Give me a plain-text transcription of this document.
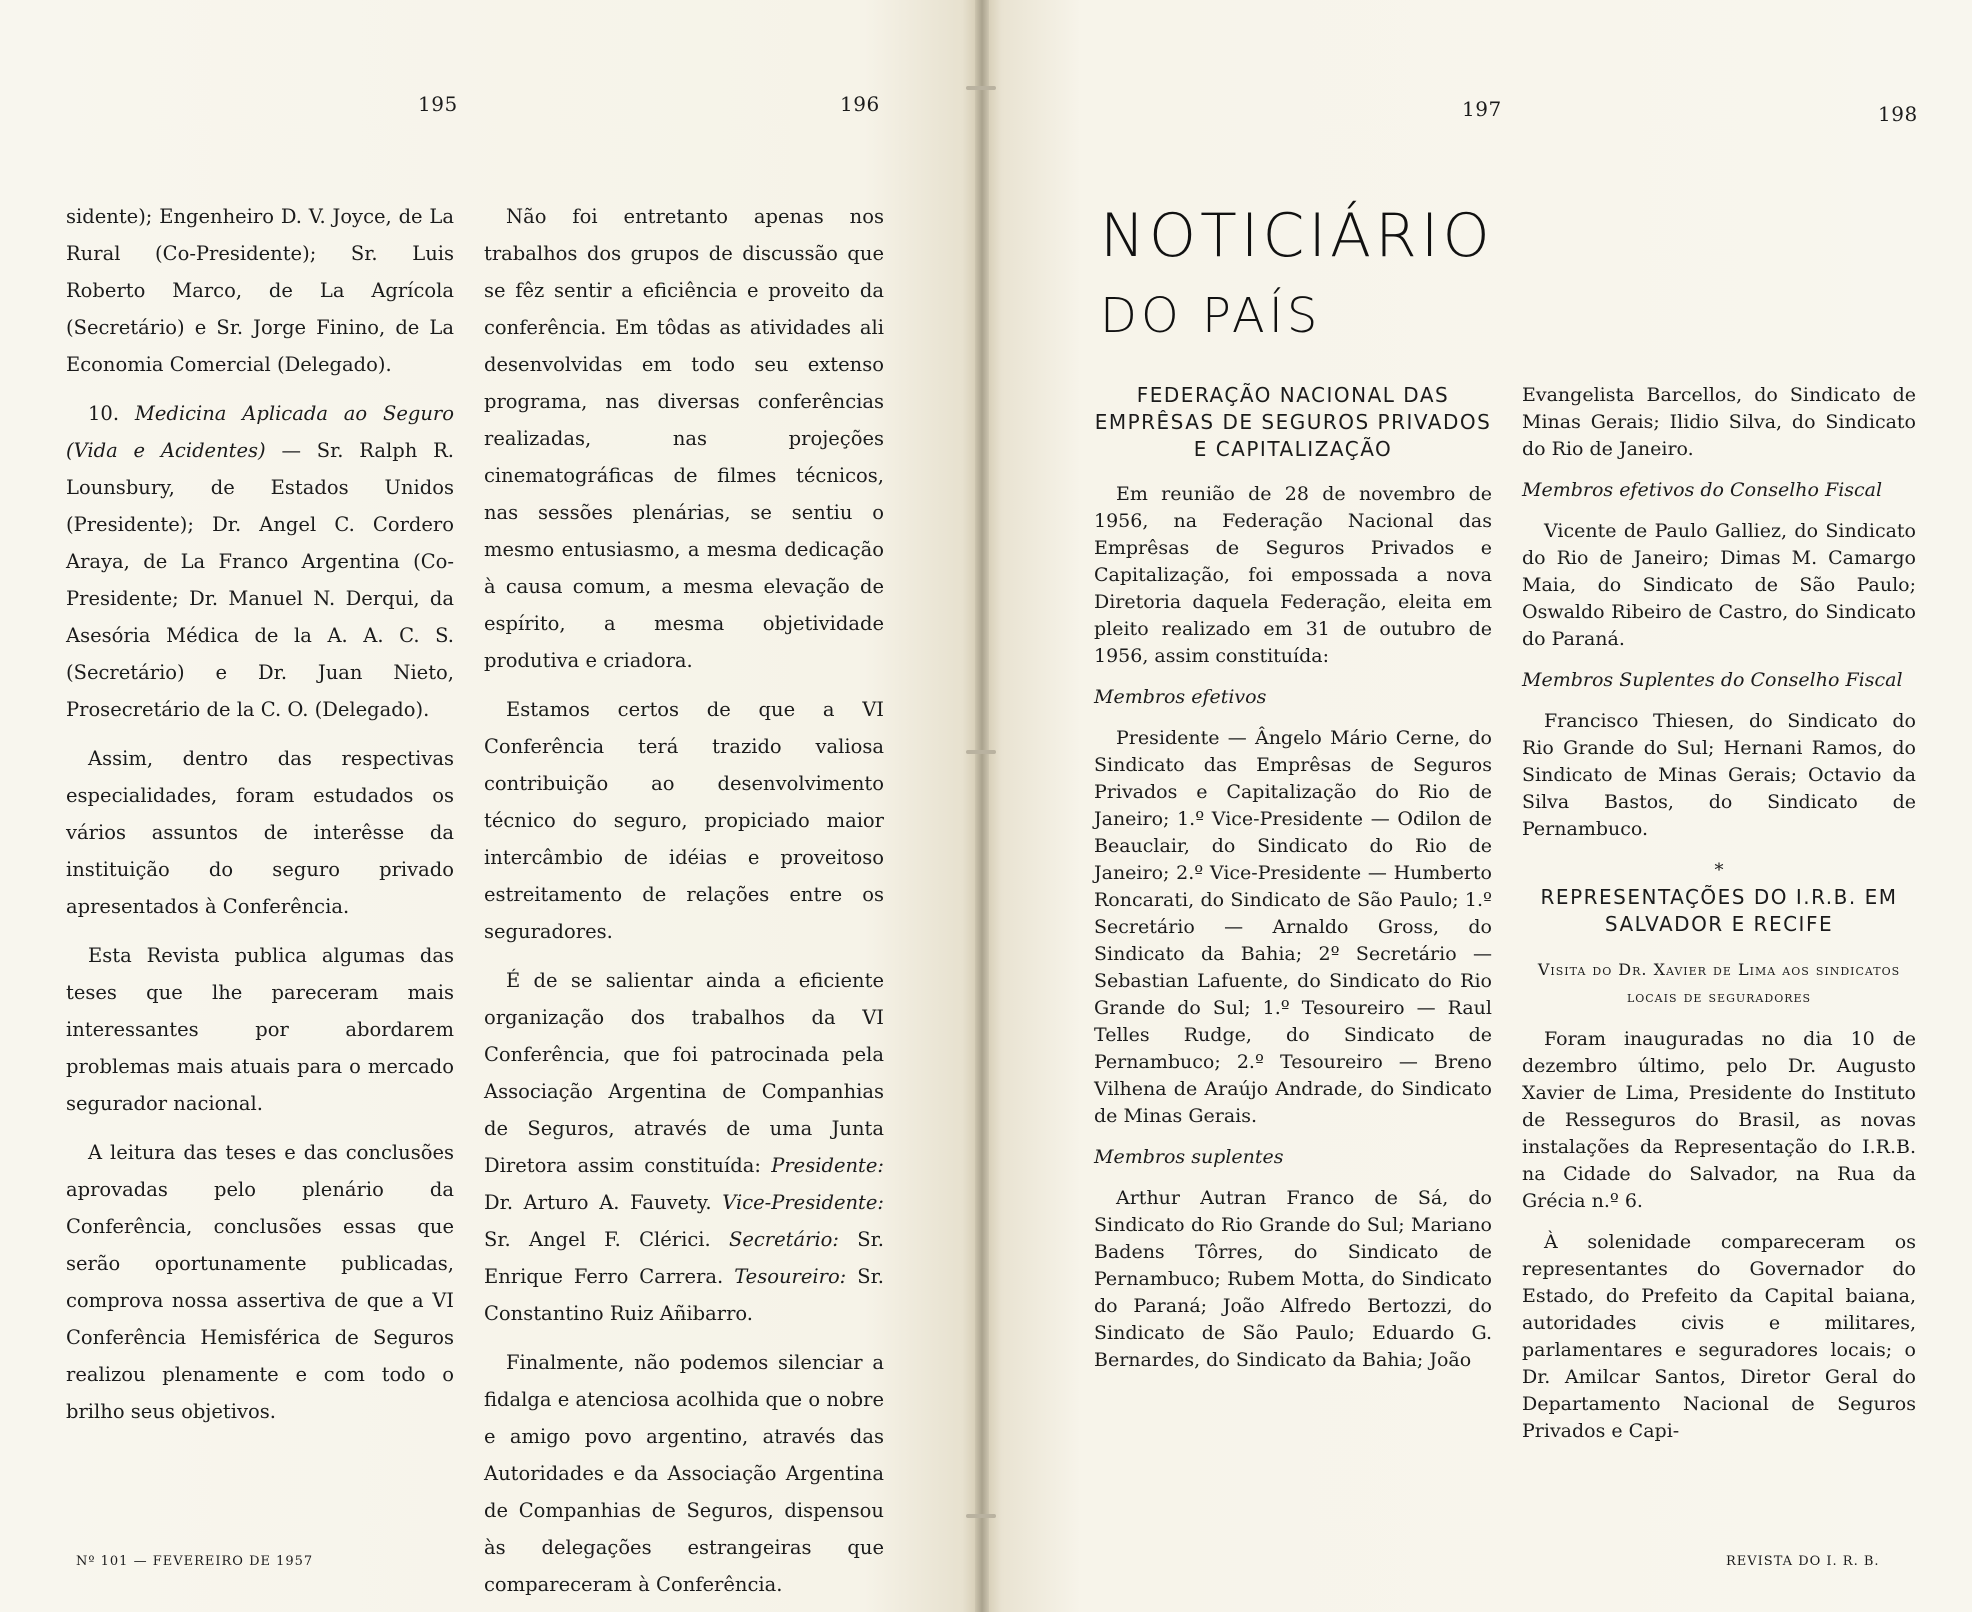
195	196	197	198

sidente); Engenheiro D. V. Joyce, de La Rural (Co-Presidente); Sr. Luis Roberto Marco, de La Agrícola (Secretário) e Sr. Jorge Finino, de La Economia Comercial (Delegado).

10. Medicina Aplicada ao Seguro (Vida e Acidentes) — Sr. Ralph R. Lounsbury, de Estados Unidos (Presidente); Dr. Angel C. Cordero Araya, de La Franco Argentina (Co-Presidente; Dr. Manuel N. Derqui, da Asesória Médica de la A. A. C. S. (Secretário) e Dr. Juan Nieto, Prosecretário de la C. O. (Delegado).

Assim, dentro das respectivas especialidades, foram estudados os vários assuntos de interêsse da instituição do seguro privado apresentados à Conferência.

Esta Revista publica algumas das teses que lhe pareceram mais interessantes por abordarem problemas mais atuais para o mercado segurador nacional.

A leitura das teses e das conclusões aprovadas pelo plenário da Conferência, conclusões essas que serão oportunamente publicadas, comprova nossa assertiva de que a VI Conferência Hemisférica de Seguros realizou plenamente e com todo o brilho seus objetivos.

Não foi entretanto apenas nos trabalhos dos grupos de discussão que se fêz sentir a eficiência e proveito da conferência. Em tôdas as atividades ali desenvolvidas em todo seu extenso programa, nas diversas conferências realizadas, nas projeções cinematográficas de filmes técnicos, nas sessões plenárias, se sentiu o mesmo entusiasmo, a mesma dedicação à causa comum, a mesma elevação de espírito, a mesma objetividade produtiva e criadora.

Estamos certos de que a VI Conferência terá trazido valiosa contribuição ao desenvolvimento técnico do seguro, propiciado maior intercâmbio de idéias e proveitoso estreitamento de relações entre os seguradores.

É de se salientar ainda a eficiente organização dos trabalhos da VI Conferência, que foi patrocinada pela Associação Argentina de Companhias de Seguros, através de uma Junta Diretora assim constituída: Presidente: Dr. Arturo A. Fauvety. Vice-Presidente: Sr. Angel F. Clérici. Secretário: Sr. Enrique Ferro Carrera. Tesoureiro: Sr. Constantino Ruiz Añibarro.

Finalmente, não podemos silenciar a fidalga e atenciosa acolhida que o nobre e amigo povo argentino, através das Autoridades e da Associação Argentina de Companhias de Seguros, dispensou às delegações estrangeiras que compareceram à Conferência.

NOTICIÁRIO
DO PAÍS

FEDERAÇÃO NACIONAL DAS EMPRÊSAS DE SEGUROS PRIVADOS E CAPITALIZAÇÃO

Em reunião de 28 de novembro de 1956, na Federação Nacional das Emprêsas de Seguros Privados e Capitalização, foi empossada a nova Diretoria daquela Federação, eleita em pleito realizado em 31 de outubro de 1956, assim constituída:

Membros efetivos

Presidente — Ângelo Mário Cerne, do Sindicato das Emprêsas de Seguros Privados e Capitalização do Rio de Janeiro; 1.º Vice-Presidente — Odilon de Beauclair, do Sindicato do Rio de Janeiro; 2.º Vice-Presidente — Humberto Roncarati, do Sindicato de São Paulo; 1.º Secretário — Arnaldo Gross, do Sindicato da Bahia; 2º Secretário — Sebastian Lafuente, do Sindicato do Rio Grande do Sul; 1.º Tesoureiro — Raul Telles Rudge, do Sindicato de Pernambuco; 2.º Tesoureiro — Breno Vilhena de Araújo Andrade, do Sindicato de Minas Gerais.

Membros suplentes

Arthur Autran Franco de Sá, do Sindicato do Rio Grande do Sul; Mariano Badens Tôrres, do Sindicato de Pernambuco; Rubem Motta, do Sindicato do Paraná; João Alfredo Bertozzi, do Sindicato de São Paulo; Eduardo G. Bernardes, do Sindicato da Bahia; João

Evangelista Barcellos, do Sindicato de Minas Gerais; Ilidio Silva, do Sindicato do Rio de Janeiro.

Membros efetivos do Conselho Fiscal

Vicente de Paulo Galliez, do Sindicato do Rio de Janeiro; Dimas M. Camargo Maia, do Sindicato de São Paulo; Oswaldo Ribeiro de Castro, do Sindicato do Paraná.

Membros Suplentes do Conselho Fiscal

Francisco Thiesen, do Sindicato do Rio Grande do Sul; Hernani Ramos, do Sindicato de Minas Gerais; Octavio da Silva Bastos, do Sindicato de Pernambuco.

*

REPRESENTAÇÕES DO I.R.B. EM SALVADOR E RECIFE

Visita do Dr. Xavier de Lima aos sindicatos locais de seguradores

Foram inauguradas no dia 10 de dezembro último, pelo Dr. Augusto Xavier de Lima, Presidente do Instituto de Resseguros do Brasil, as novas instalações da Representação do I.R.B. na Cidade do Salvador, na Rua da Grécia n.º 6.

À solenidade compareceram os representantes do Governador do Estado, do Prefeito da Capital baiana, autoridades civis e militares, parlamentares e seguradores locais; o Dr. Amilcar Santos, Diretor Geral do Departamento Nacional de Seguros Privados e Capi-

Nº 101 — FEVEREIRO DE 1957	REVISTA DO I. R. B.
